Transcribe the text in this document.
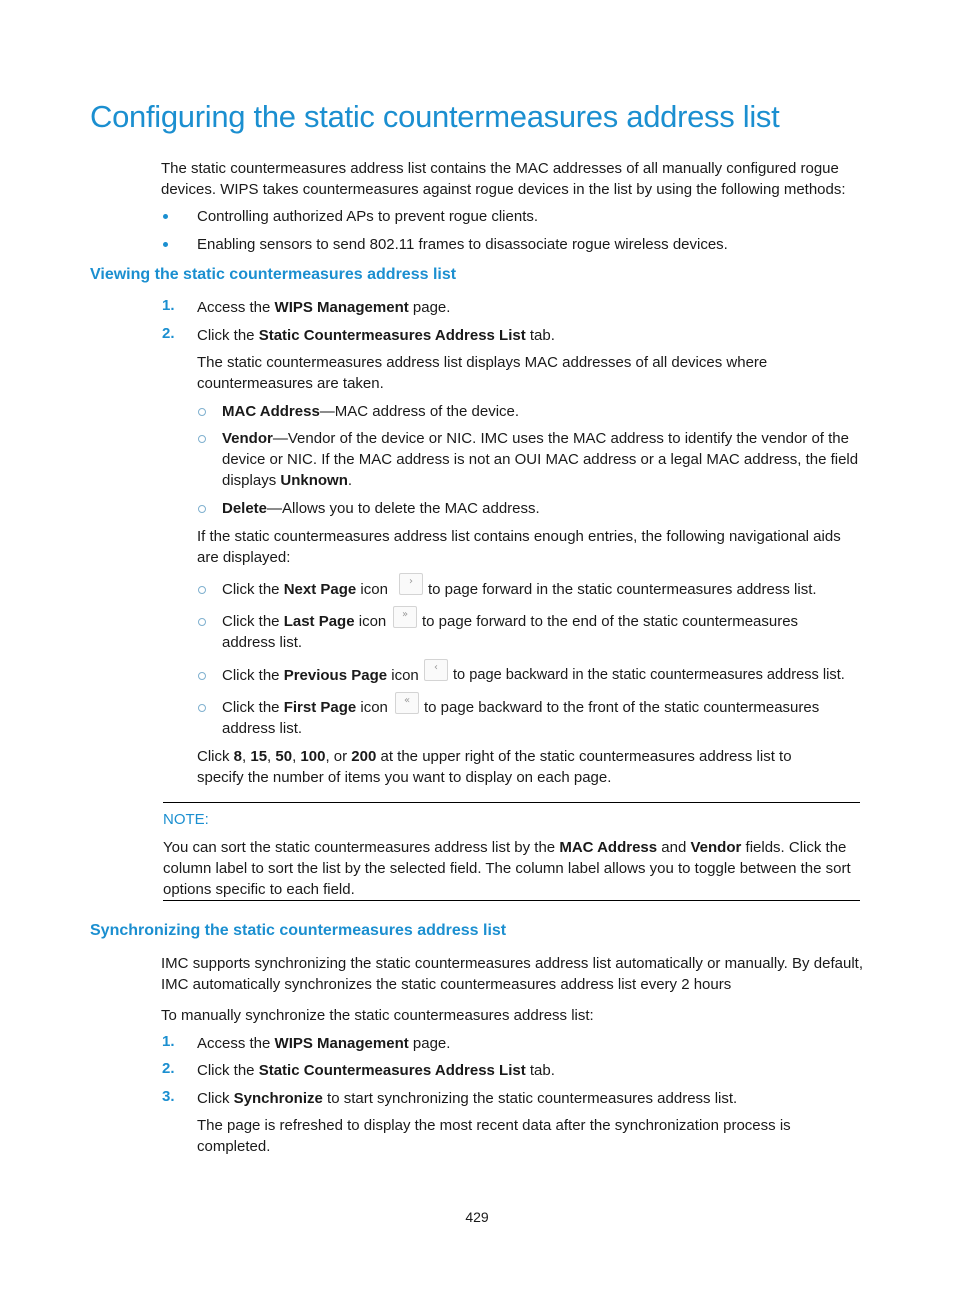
Configuring the static countermeasures address list

The static countermeasures address list contains the MAC addresses of all manually configured rogue devices. WIPS takes countermeasures against rogue devices in the list by using the following methods:

Controlling authorized APs to prevent rogue clients.

Enabling sensors to send 802.11 frames to disassociate rogue wireless devices.

Viewing the static countermeasures address list
1. Access the WIPS Management page.

2. Click the Static Countermeasures Address List tab.

The static countermeasures address list displays MAC addresses of all devices where countermeasures are taken.

MAC Address—MAC address of the device.

Vendor—Vendor of the device or NIC. IMC uses the MAC address to identify the vendor of the device or NIC. If the MAC address is not an OUI MAC address or a legal MAC address, the field displays Unknown.

Delete—Allows you to delete the MAC address.

If the static countermeasures address list contains enough entries, the following navigational aids are displayed:

Click the Next Page icon	›	to page forward in the static countermeasures address list.

Click the Last Page icon	» to page forward to the end of the static countermeasures address list.

Click the Previous Page icon	‹	to page backward in the static countermeasures address list.

Click the First Page icon	« to page backward to the front of the static countermeasures address list.

Click 8, 15, 50, 100, or 200 at the upper right of the static countermeasures address list to specify the number of items you want to display on each page.

NOTE:

You can sort the static countermeasures address list by the MAC Address and Vendor fields. Click the column label to sort the list by the selected field. The column label allows you to toggle between the sort options specific to each field.

Synchronizing the static countermeasures address list

IMC supports synchronizing the static countermeasures address list automatically or manually. By default, IMC automatically synchronizes the static countermeasures address list every 2 hours

To manually synchronize the static countermeasures address list:

1. Access the WIPS Management page.

2. Click the Static Countermeasures Address List tab.

3. Click Synchronize to start synchronizing the static countermeasures address list.

The page is refreshed to display the most recent data after the synchronization process is completed.

429
